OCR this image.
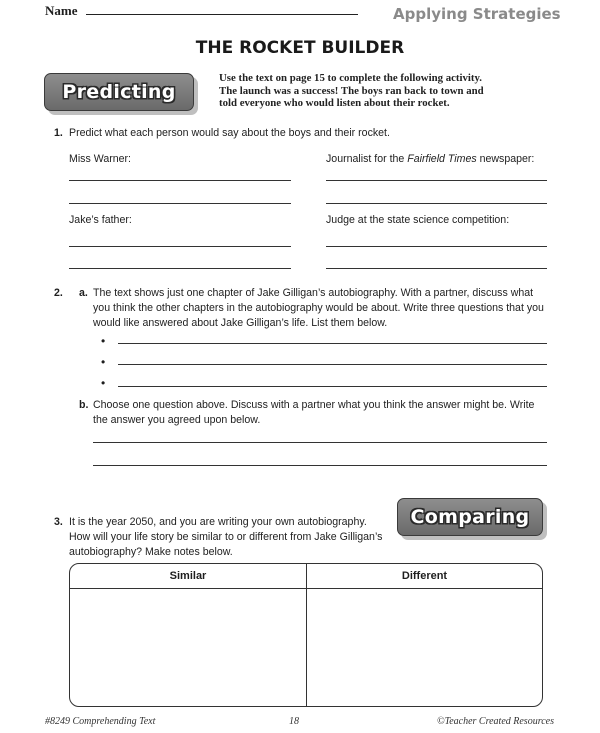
Name	Applying Strategies
THE ROCKET BUILDER
Predicting
Use the text on page 15 to complete the following activity.
The launch was a success! The boys ran back to town and
told everyone who would listen about their rocket.
1. Predict what each person would say about the boys and their rocket.
Miss Warner:	Journalist for the Fairfield Times newspaper:
Jake’s father:	Judge at the state science competition:
2. a. The text shows just one chapter of Jake Gilligan’s autobiography. With a partner, discuss what
you think the other chapters in the autobiography would be about. Write three questions that you
would like answered about Jake Gilligan’s life. List them below.
•
•
•
b. Choose one question above. Discuss with a partner what you think the answer might be. Write
the answer you agreed upon below.
3. It is the year 2050, and you are writing your own autobiography.
How will your life story be similar to or different from Jake Gilligan’s
autobiography? Make notes below.
Comparing
Similar	Different
#8249 Comprehending Text	18	©Teacher Created Resources
